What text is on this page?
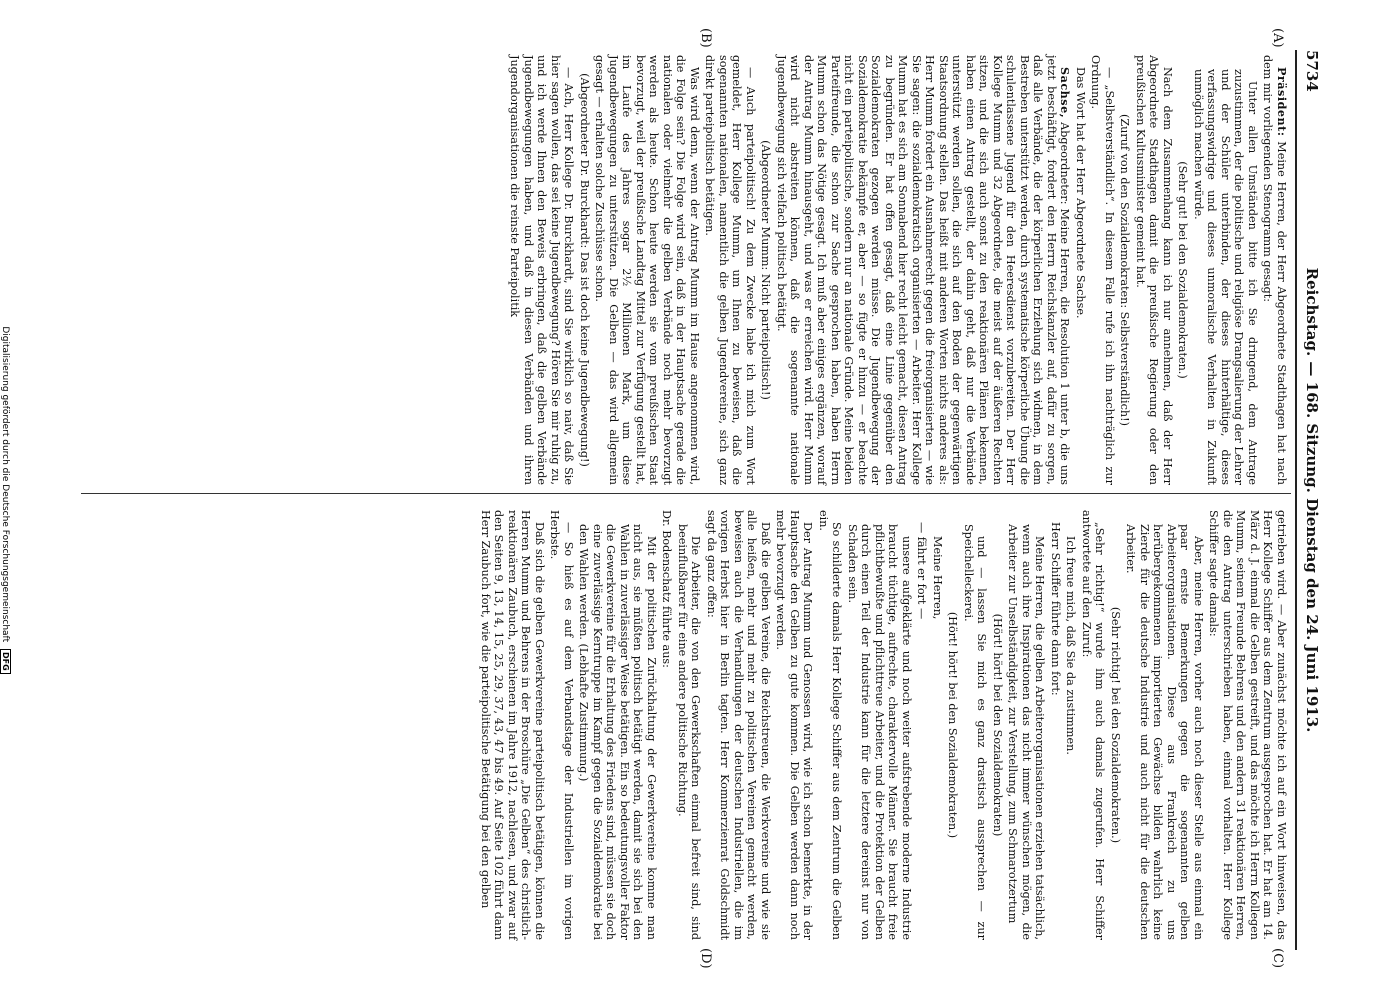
5734
Reichstag. — 168. Sitzung. Dienstag den 24. Juni 1913.
(A)
(B)
(C)
(D)

Präsident: Meine Herren, der Herr Abgeordnete Stadthagen hat nach dem mir vorliegenden Stenogramm gesagt:

Unter allen Umständen bitte ich Sie dringend, dem Antrage zuzustimmen, der die politische und religiöse Drangsalierung der Lehrer und der Schüler unterbinden, der dieses hinterhältige, dieses verfassungswidrige und dieses unmoralische Verhalten in Zukunft unmöglich machen würde.

(Sehr gut! bei den Sozialdemokraten.)

Nach dem Zusammenhang kann ich nur annehmen, daß der Herr Abgeordnete Stadthagen damit die preußische Regierung oder den preußischen Kultusminister gemeint hat.

(Zuruf von den Sozialdemokraten: Selbstverständlich!)

— „Selbstverständlich“. In diesem Falle rufe ich ihn nachträglich zur Ordnung.

Das Wort hat der Herr Abgeordnete Sachse.

Sachse, Abgeordneter: Meine Herren, die Resolution 1 unter b, die uns jetzt beschäftigt, fordert den Herrn Reichskanzler auf, dafür zu sorgen, daß alle Verbände, die der körperlichen Erziehung sich widmen, in dem Bestreben unterstützt werden, durch systematische körperliche Übung die schulentlassene Jugend für den Heeresdienst vorzubereiten. Der Herr Kollege Mumm und 32 Abgeordnete, die meist auf der äußeren Rechten sitzen, und die sich auch sonst zu den reaktionären Plänen bekennen, haben einen Antrag gestellt, der dahin geht, daß nur die Verbände unterstützt werden sollen, die sich auf den Boden der gegenwärtigen Staatsordnung stellen. Das heißt mit anderen Worten nichts anderes als: Herr Mumm fordert ein Ausnahmerecht gegen die freiorganisierten — wie Sie sagen: die sozialdemokratisch organisierten — Arbeiter. Herr Kollege Mumm hat es sich am Sonnabend hier recht leicht gemacht, diesen Antrag zu begründen. Er hat offen gesagt, daß eine Linie gegenüber den Sozialdemokraten gezogen werden müsse. Die Jugendbewegung der Sozialdemokratie bekämpfe er, aber — so fügte er hinzu — er beachte nicht ein parteipolitische, sondern nur an nationale Gründe. Meine beiden Parteifreunde, die schon zur Sache gesprochen haben, haben Herrn Mumm schon das Nötige gesagt. Ich muß aber einiges ergänzen, worauf der Antrag Mumm hinausgeht, und was er erreichen wird. Herr Mumm wird nicht abstreiten können, daß die sogenannte nationale Jugendbewegung sich vielfach politisch betätigt.

(Abgeordneter Mumm: Nicht parteipolitisch!)

— Auch parteipolitisch! Zu dem Zwecke habe ich mich zum Wort gemeldet, Herr Kollege Mumm, um Ihnen zu beweisen, daß die sogenannten nationalen, namentlich die gelben Jugendvereine, sich ganz direkt parteipolitisch betätigen.

Was wird denn, wenn der Antrag Mumm im Hause angenommen wird, die Folge sein? Die Folge wird sein, daß in der Hauptsache gerade die nationalen oder vielmehr die gelben Verbände noch mehr bevorzugt werden als heute. Schon heute werden sie vom preußischen Staat bevorzugt, weil der preußische Landtag Mittel zur Verfügung gestellt hat, im Laufe des Jahres sogar 2½ Millionen Mark, um diese Jugendbewegungen zu unterstützen. Die Gelben — das wird allgemein gesagt — erhalten solche Zuschüsse schon.

(Abgeordneter Dr. Burckhardt: Das ist doch keine Jugendbewegung!)

— Ach, Herr Kollege Dr. Burckhardt, sind Sie wirklich so naiv, daß Sie hier sagen wollen, das sei keine Jugendbewegung? Hören Sie mir ruhig zu, und ich werde Ihnen den Beweis erbringen, daß die gelben Verbände Jugendbewegungen haben, und daß in diesen Verbänden und ihren Jugendorganisationen die reinste Parteipolitik

getrieben wird. — Aber zunächst möchte ich auf ein Wort hinweisen, das Herr Kollege Schiffer aus dem Zentrum ausgesprochen hat. Er hat am 14. März d. J. einmal die Gelben gestreift, und das möchte ich Herrn Kollegen Mumm, seinem Freunde Behrens und den andern 31 reaktionären Herren, die den Antrag unterschrieben haben, einmal vorhalten. Herr Kollege Schiffer sagte damals:

Aber, meine Herren, vorher auch noch dieser Stelle aus einmal ein paar ernste Bemerkungen gegen die sogenannten gelben Arbeiterorganisationen. Diese aus Frankreich zu uns herübergekommenen importierten Gewächse bilden wahrlich keine Zierde für die deutsche Industrie und auch nicht für die deutschen Arbeiter.

(Sehr richtig! bei den Sozialdemokraten.)

„Sehr richtig!“ wurde ihm auch damals zugerufen. Herr Schiffer antwortete auf den Zuruf:

Ich freue mich, daß Sie da zustimmen.

Herr Schiffer führte dann fort:

Meine Herren, die gelben Arbeiterorganisationen erziehen tatsächlich, wenn auch ihre Inspirationen das nicht immer wünschen mögen, die Arbeiter zur Unselbständigkeit, zur Verstellung, zum Schmarotzertum

(Hört! hört! bei den Sozialdemokraten)

und — lassen Sie mich es ganz drastisch aussprechen — zur Speichelleckerei.

(Hört! hört! bei den Sozialdemokraten.)

Meine Herren,

— fährt er fort —

unsere aufgeklärte und noch weiter aufstrebende moderne Industrie braucht tüchtige, aufrechte, charaktervolle Männer. Sie braucht freie pflichtbewußte und pflichttreue Arbeiter, und die Protektion der Gelben durch einen Teil der Industrie kann für die letztere dereinst nur von Schaden sein.

So schilderte damals Herr Kollege Schiffer aus dem Zentrum die Gelben ein.

Der Antrag Mumm und Genossen wird, wie ich schon bemerkte, in der Hauptsache den Gelben zu gute kommen. Die Gelben werden dann noch mehr bevorzugt werden.

Daß die gelben Vereine, die Reichstreuen, die Werkvereine und wie sie alle heißen, mehr und mehr zu politischen Vereinen gemacht werden, beweisen auch die Verhandlungen der deutschen Industriellen, die im vorigen Herbst hier in Berlin tagten. Herr Kommerzienrat Goldschmidt sagt da ganz offen:

Die Arbeiter, die von den Gewerkschaften einmal befreit sind, sind beeinflußbarer für eine andere politische Richtung.

Dr. Bodenschatz führte aus:

Mit der politischen Zurückhaltung der Gewerkvereine komme man nicht aus, sie müßten politisch betätigt werden, damit sie sich bei den Wahlen in zuverlässiger Weise betätigen. Ein so bedeutungsvoller Faktor die Gewerkvereine für die Erhaltung des Friedens sind, müssen sie doch eine zuverlässige Kerntruppe im Kampf gegen die Sozialdemokratie bei den Wahlen werden. (Lebhafte Zustimmung.)

— So hieß es auf dem Verbandstage der Industriellen im vorigen Herbste.

Daß sich die gelben Gewerkvereine parteipolitisch betätigen, können die Herren Mumm und Behrens in der Broschüre „Die Gelben“ des christlich-reaktionären Zaubuch, erschienen im Jahre 1912, nachlesen, und zwar auf den Seiten 9, 13, 14, 15, 25, 29, 37, 43, 47 bis 49. Auf Seite 102 führt dann Herr Zaubuch fort, wie die parteipolitische Betätigung bei den gelben

Digitalisierung gefördert durch die Deutsche Forschungsgemeinschaft DFG
